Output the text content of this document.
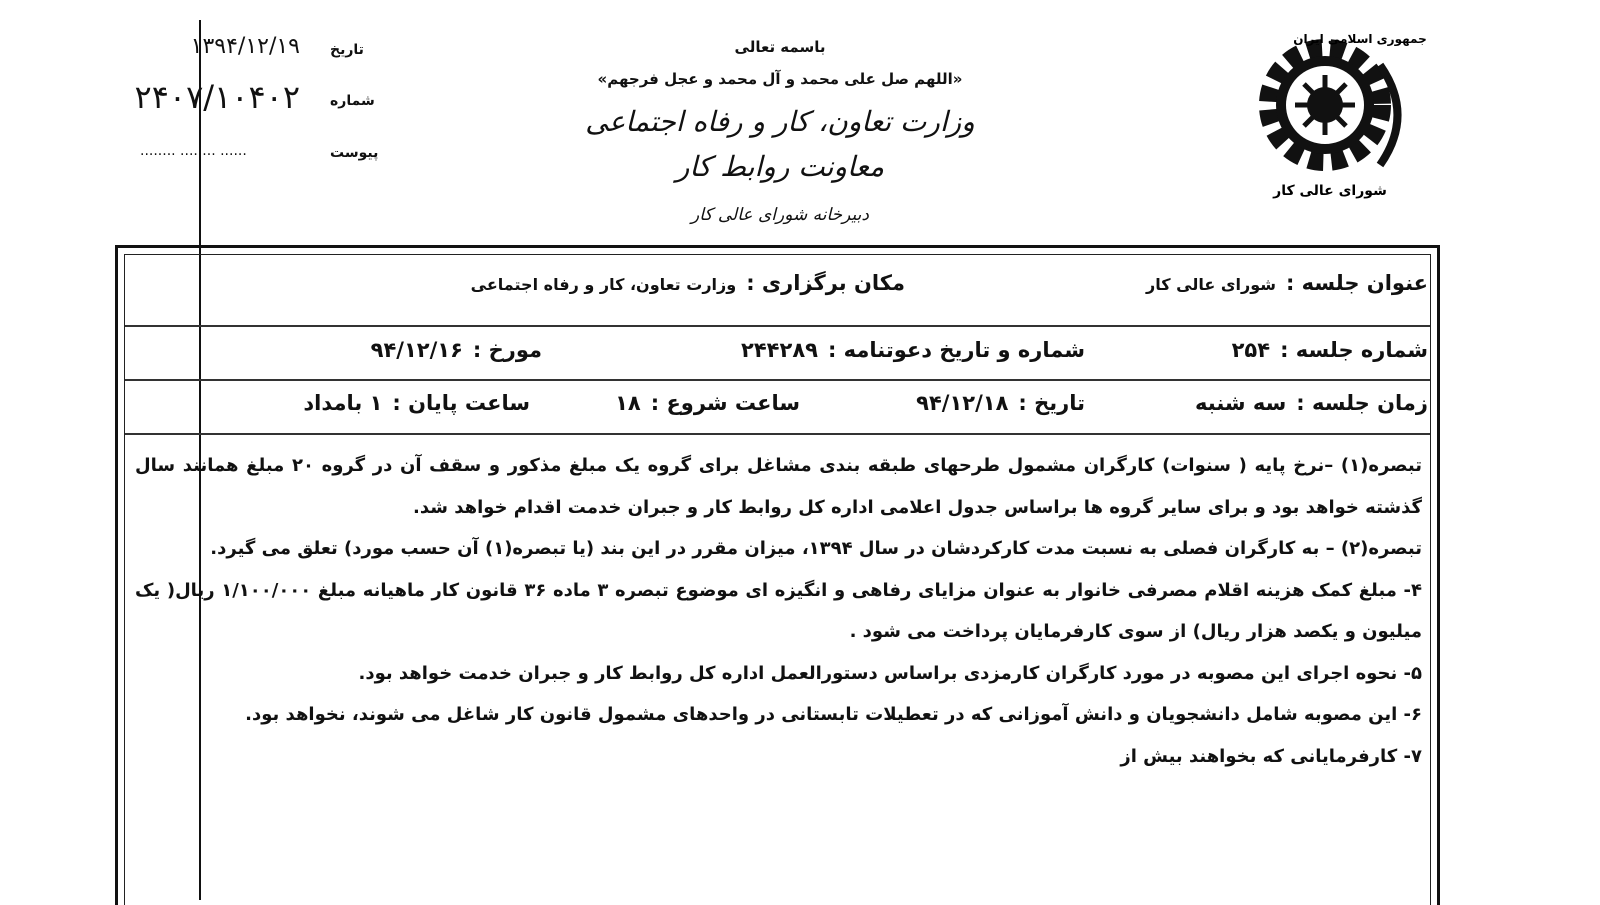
باسمه تعالی
«اللهم صل علی محمد و آل محمد و عجل فرجهم»
وزارت تعاون، کار و رفاه اجتماعی
معاونت روابط کار
دبیرخانه شورای عالی کار
تاریخ
۱۳۹۴/۱۲/۱۹
شماره
۲۴۰۷/۱۰۴۰۲
پیوست
........ ........ ......
جمهوری اسلامی ایران
شورای عالی کار
عنوان جلسه :
شورای عالی کار
مکان برگزاری :
وزارت تعاون، کار و رفاه اجتماعی
شماره جلسه :
۲۵۴
شماره و تاریخ دعوتنامه :
۲۴۴۲۸۹
مورخ :
۹۴/۱۲/۱۶
زمان جلسه :
سه شنبه
تاریخ :
۹۴/۱۲/۱۸
ساعت شروع :
۱۸
ساعت پایان :
۱ بامداد

تبصره(۱) –نرخ پایه ( سنوات) کارگران مشمول طرحهای طبقه بندی مشاغل برای گروه یک مبلغ مذکور و سقف آن در گروه ۲۰ مبلغ همانند سال گذشته خواهد بود و برای سایر گروه ها براساس جدول اعلامی اداره کل روابط کار و جبران خدمت اقدام خواهد شد.

تبصره(۲) – به کارگران فصلی به نسبت مدت کارکردشان در سال ۱۳۹۴، میزان مقرر در این بند (یا تبصره(۱) آن حسب مورد) تعلق می گیرد.

۴- مبلغ کمک هزینه اقلام مصرفی خانوار به عنوان مزایای رفاهی و انگیزه ای موضوع تبصره ۳ ماده ۳۶ قانون کار ماهیانه مبلغ ۱/۱۰۰/۰۰۰ ریال( یک میلیون و یکصد هزار ریال) از سوی کارفرمایان پرداخت می شود .

۵- نحوه اجرای این مصوبه در مورد کارگران کارمزدی براساس دستورالعمل اداره کل روابط کار و جبران خدمت خواهد بود.

۶- این مصوبه شامل دانشجویان و دانش آموزانی که در تعطیلات تابستانی در واحدهای مشمول قانون کار شاغل می شوند، نخواهد بود.

۷- کارفرمایانی که بخواهند بیش از
